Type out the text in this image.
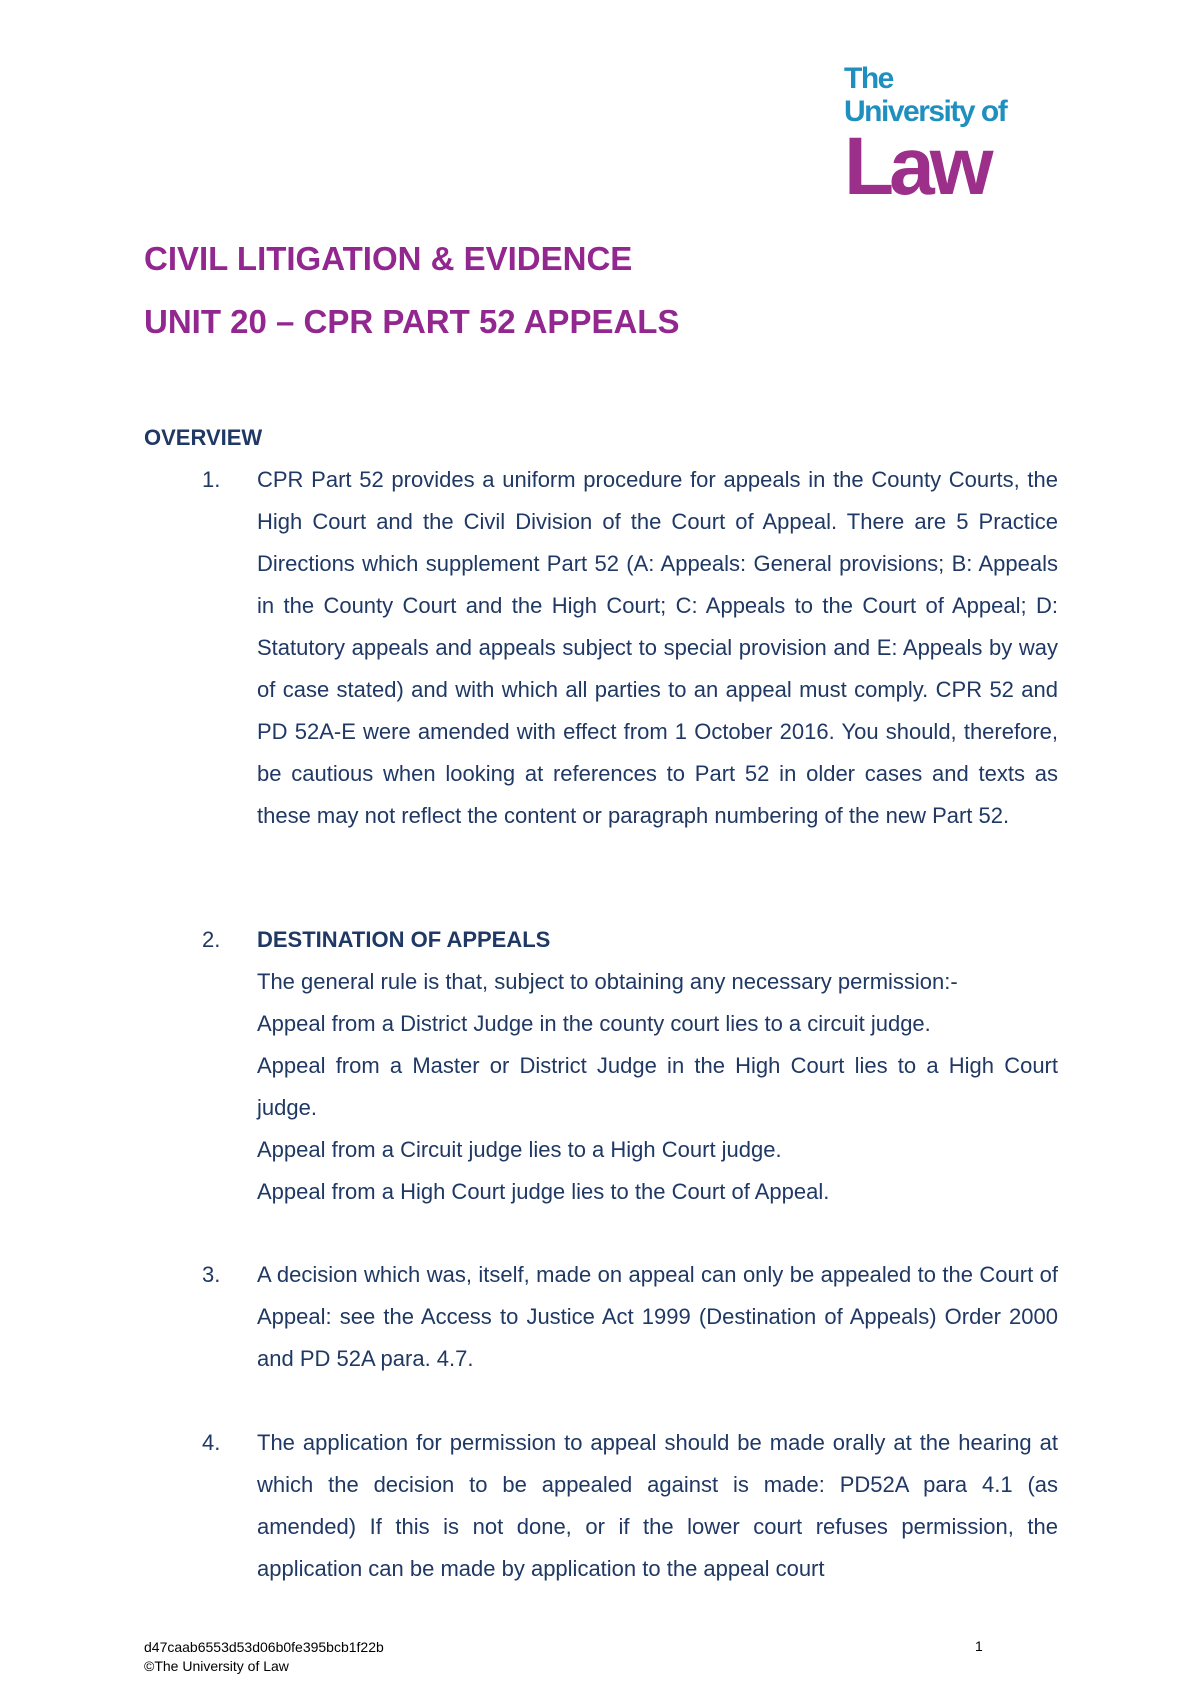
The
University of
Law
CIVIL LITIGATION & EVIDENCE
UNIT 20 – CPR PART 52 APPEALS
OVERVIEW
1. CPR Part 52 provides a uniform procedure for appeals in the County Courts, the High Court and the Civil Division of the Court of Appeal. There are 5 Practice Directions which supplement Part 52 (A: Appeals: General provisions; B: Appeals in the County Court and the High Court; C: Appeals to the Court of Appeal; D: Statutory appeals and appeals subject to special provision and E: Appeals by way of case stated) and with which all parties to an appeal must comply. CPR 52 and PD 52A-E were amended with effect from 1 October 2016. You should, therefore, be cautious when looking at references to Part 52 in older cases and texts as these may not reflect the content or paragraph numbering of the new Part 52.

2. DESTINATION OF APPEALS

The general rule is that, subject to obtaining any necessary permission:-

Appeal from a District Judge in the county court lies to a circuit judge.

Appeal from a Master or District Judge in the High Court lies to a High Court judge.

Appeal from a Circuit judge lies to a High Court judge.

Appeal from a High Court judge lies to the Court of Appeal.

3. A decision which was, itself, made on appeal can only be appealed to the Court of Appeal: see the Access to Justice Act 1999 (Destination of Appeals) Order 2000 and PD 52A para. 4.7.

4. The application for permission to appeal should be made orally at the hearing at which the decision to be appealed against is made: PD52A para 4.1 (as amended) If this is not done, or if the lower court refuses permission, the application can be made by application to the appeal court

d47caab6553d53d06b0fe395bcb1f22b
©The University of Law
1
